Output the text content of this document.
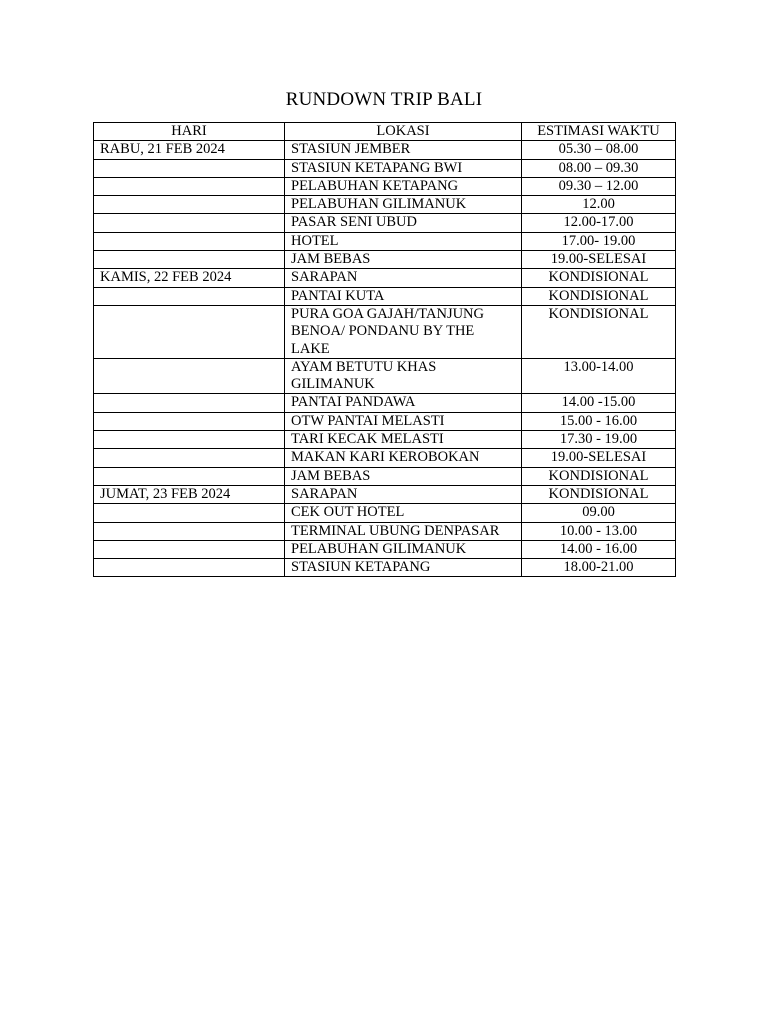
RUNDOWN TRIP BALI
HARI	LOKASI	ESTIMASI WAKTU
RABU, 21 FEB 2024	STASIUN JEMBER	05.30 – 08.00
	STASIUN KETAPANG BWI	08.00 – 09.30
	PELABUHAN KETAPANG	09.30 – 12.00
	PELABUHAN GILIMANUK	12.00
	PASAR SENI UBUD	12.00-17.00
	HOTEL	17.00- 19.00
	JAM BEBAS	19.00-SELESAI
KAMIS, 22 FEB 2024	SARAPAN	KONDISIONAL
	PANTAI KUTA	KONDISIONAL
	PURA GOA GAJAH/TANJUNG BENOA/ PONDANU BY THE LAKE	KONDISIONAL
	AYAM BETUTU KHAS GILIMANUK	13.00-14.00
	PANTAI PANDAWA	14.00 -15.00
	OTW PANTAI MELASTI	15.00 - 16.00
	TARI KECAK MELASTI	17.30 - 19.00
	MAKAN KARI KEROBOKAN	19.00-SELESAI
	JAM BEBAS	KONDISIONAL
JUMAT, 23 FEB 2024	SARAPAN	KONDISIONAL
	CEK OUT HOTEL	09.00
	TERMINAL UBUNG DENPASAR	10.00 - 13.00
	PELABUHAN GILIMANUK	14.00 - 16.00
	STASIUN KETAPANG	18.00-21.00
